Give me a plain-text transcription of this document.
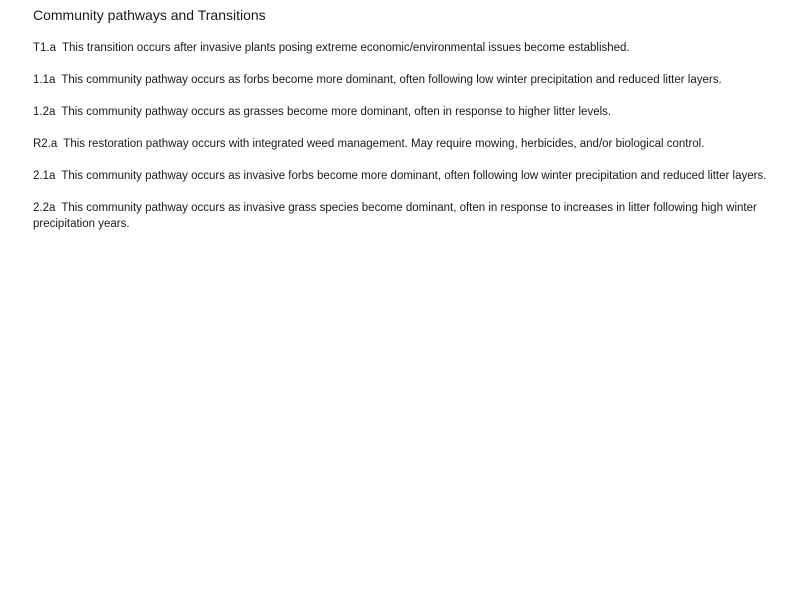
Community pathways and Transitions
T1.a This transition occurs after invasive plants posing extreme economic/environmental issues become established.
1.1a This community pathway occurs as forbs become more dominant, often following low winter precipitation and reduced litter layers.
1.2a This community pathway occurs as grasses become more dominant, often in response to higher litter levels.
R2.a This restoration pathway occurs with integrated weed management. May require mowing, herbicides, and/or biological control.
2.1a This community pathway occurs as invasive forbs become more dominant, often following low winter precipitation and reduced litter layers.
2.2a This community pathway occurs as invasive grass species become dominant, often in response to increases in litter following high winter precipitation years.
